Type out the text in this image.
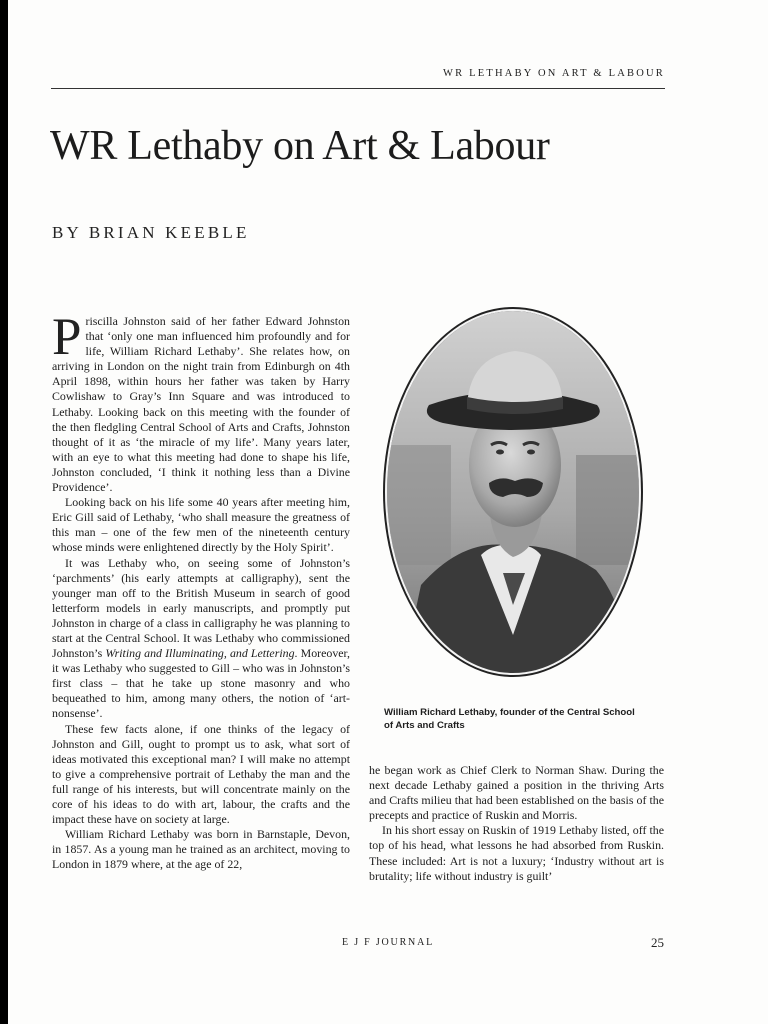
WR LETHABY ON ART & LABOUR
WR Lethaby on Art & Labour
BY BRIAN KEEBLE

Priscilla Johnston said of her father Edward Johnston that ‘only one man influenced him profoundly and for life, William Richard Lethaby’. She relates how, on arriving in London on the night train from Edinburgh on 4th April 1898, within hours her father was taken by Harry Cowlishaw to Gray’s Inn Square and was introduced to Lethaby. Looking back on this meeting with the founder of the then fledgling Central School of Arts and Crafts, Johnston thought of it as ‘the miracle of my life’. Many years later, with an eye to what this meeting had done to shape his life, Johnston concluded, ‘I think it nothing less than a Divine Providence’.

Looking back on his life some 40 years after meeting him, Eric Gill said of Lethaby, ‘who shall measure the greatness of this man – one of the few men of the nineteenth century whose minds were enlightened directly by the Holy Spirit’.

It was Lethaby who, on seeing some of Johnston’s ‘parchments’ (his early attempts at calligraphy), sent the younger man off to the British Museum in search of good letterform models in early manuscripts, and promptly put Johnston in charge of a class in calligraphy he was planning to start at the Central School. It was Lethaby who commissioned Johnston’s Writing and Illuminating, and Lettering. Moreover, it was Lethaby who suggested to Gill – who was in Johnston’s first class – that he take up stone masonry and who bequeathed to him, among many others, the notion of ‘art-nonsense’.

These few facts alone, if one thinks of the legacy of Johnston and Gill, ought to prompt us to ask, what sort of ideas motivated this exceptional man? I will make no attempt to give a comprehensive portrait of Lethaby the man and the full range of his interests, but will concentrate mainly on the core of his ideas to do with art, labour, the crafts and the impact these have on society at large.

William Richard Lethaby was born in Barnstaple, Devon, in 1857. As a young man he trained as an architect, moving to London in 1879 where, at the age of 22,

William Richard Lethaby, founder of the Central School of Arts and Crafts

he began work as Chief Clerk to Norman Shaw. During the next decade Lethaby gained a position in the thriving Arts and Crafts milieu that had been established on the basis of the precepts and practice of Ruskin and Morris.

In his short essay on Ruskin of 1919 Lethaby listed, off the top of his head, what lessons he had absorbed from Ruskin. These included: Art is not a luxury; ‘Industry without art is brutality; life without industry is guilt’

E J F JOURNAL	25
